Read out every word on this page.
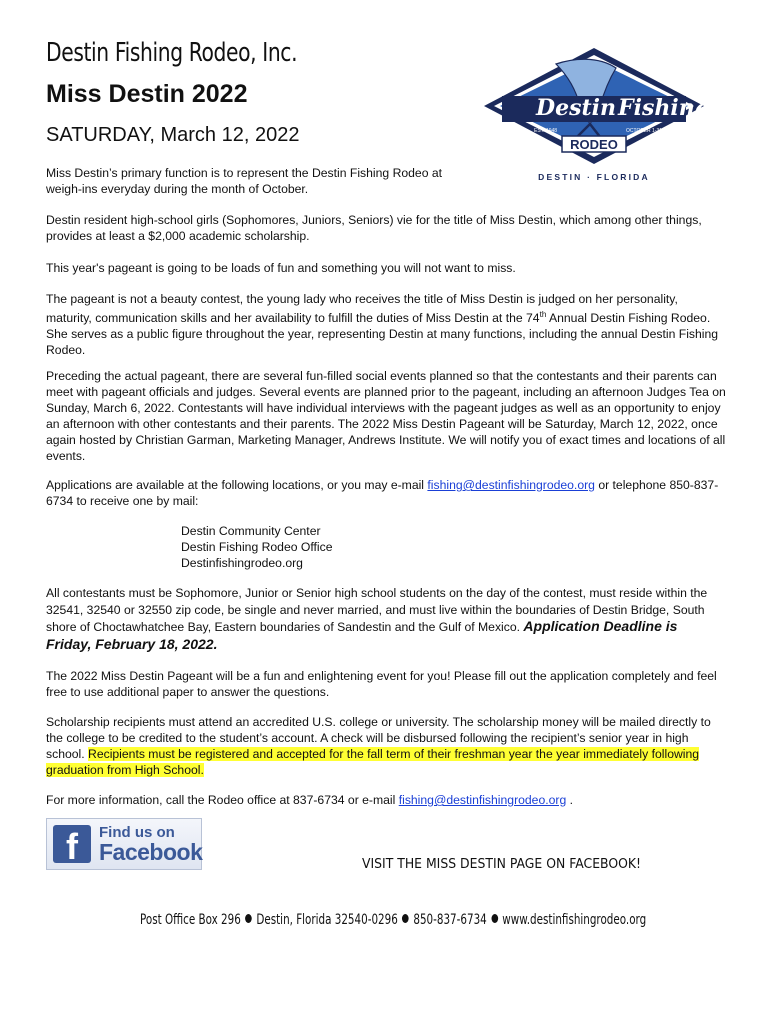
Destin Fishing Rodeo, Inc.
Miss Destin 2022
SATURDAY, March 12, 2022
Destin Fishing
EST. 1948	OCTOBER 1-31
RODEO
DESTIN · FLORIDA

Miss Destin’s primary function is to represent the Destin Fishing Rodeo at weigh-ins everyday during the month of October.

Destin resident high-school girls (Sophomores, Juniors, Seniors) vie for the title of Miss Destin, which among other things, provides at least a $2,000 academic scholarship.

This year's pageant is going to be loads of fun and something you will not want to miss.

The pageant is not a beauty contest, the young lady who receives the title of Miss Destin is judged on her personality, maturity, communication skills and her availability to fulfill the duties of Miss Destin at the 74th Annual Destin Fishing Rodeo. She serves as a public figure throughout the year, representing Destin at many functions, including the annual Destin Fishing Rodeo.

Preceding the actual pageant, there are several fun-filled social events planned so that the contestants and their parents can meet with pageant officials and judges. Several events are planned prior to the pageant, including an afternoon Judges Tea on Sunday, March 6, 2022. Contestants will have individual interviews with the pageant judges as well as an opportunity to enjoy an afternoon with other contestants and their parents. The 2022 Miss Destin Pageant will be Saturday, March 12, 2022, once again hosted by Christian Garman, Marketing Manager, Andrews Institute. We will notify you of exact times and locations of all events.

Applications are available at the following locations, or you may e-mail fishing@destinfishingrodeo.org or telephone 850-837-6734 to receive one by mail:

Destin Community Center
Destin Fishing Rodeo Office
Destinfishingrodeo.org

All contestants must be Sophomore, Junior or Senior high school students on the day of the contest, must reside within the 32541, 32540 or 32550 zip code, be single and never married, and must live within the boundaries of Destin Bridge, South shore of Choctawhatchee Bay, Eastern boundaries of Sandestin and the Gulf of Mexico. Application Deadline is Friday, February 18, 2022.

The 2022 Miss Destin Pageant will be a fun and enlightening event for you! Please fill out the application completely and feel free to use additional paper to answer the questions.

Scholarship recipients must attend an accredited U.S. college or university. The scholarship money will be mailed directly to the college to be credited to the student’s account. A check will be disbursed following the recipient’s senior year in high school. Recipients must be registered and accepted for the fall term of their freshman year the year immediately following graduation from High School.

For more information, call the Rodeo office at 837-6734 or e-mail fishing@destinfishingrodeo.org .

f	Find us on
Facebook	VISIT THE MISS DESTIN PAGE ON FACEBOOK!
Post Office Box 296 Destin, Florida 32540-0296 850-837-6734 www.destinfishingrodeo.org
